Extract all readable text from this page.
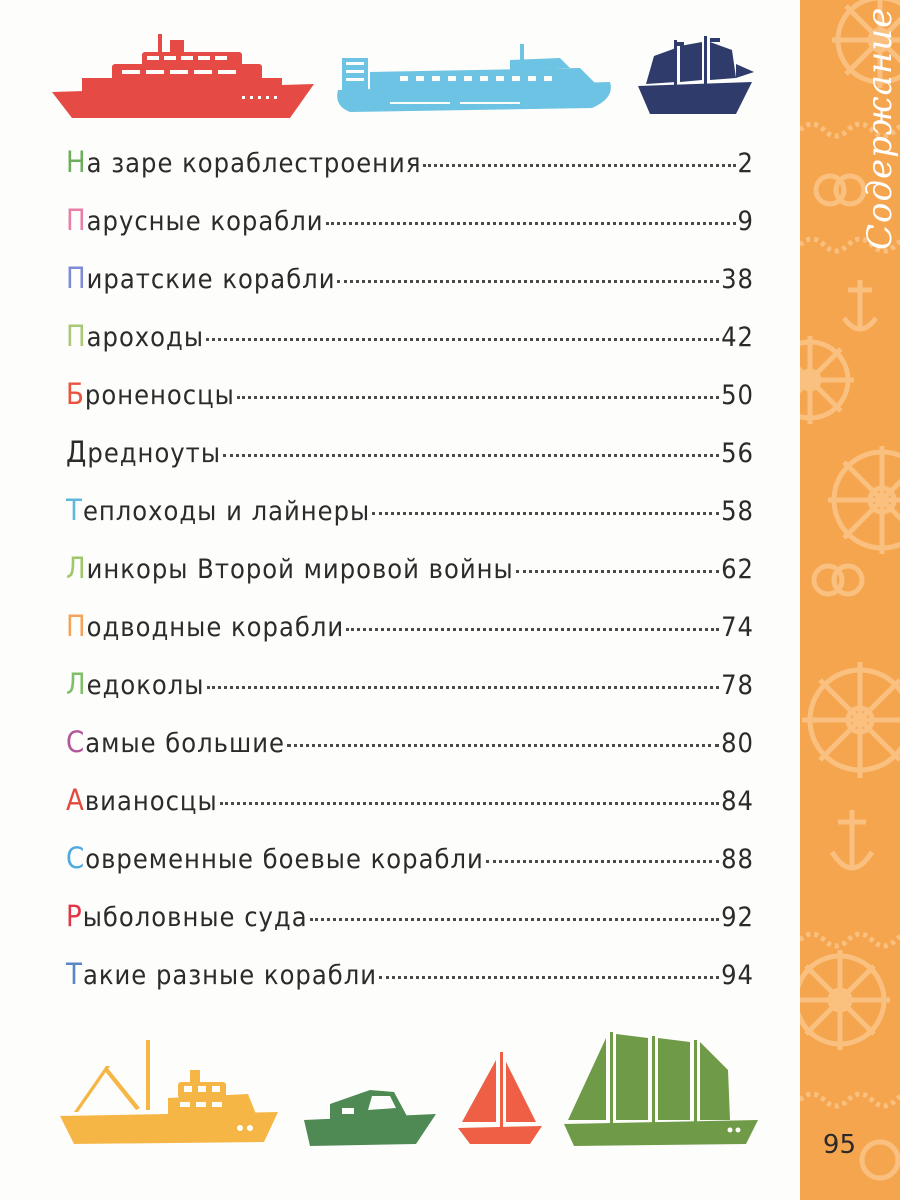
На заре кораблестроения	2
Парусные корабли	9
Пиратские корабли	38
Пароходы	42
Броненосцы	50
Дредноуты	56
Теплоходы и лайнеры	58
Линкоры Второй мировой войны	62
Подводные корабли	74
Ледоколы	78
Самые большие	80
Авианосцы	84
Современные боевые корабли	88
Рыболовные суда	92
Такие разные корабли	94
Содержание
95
